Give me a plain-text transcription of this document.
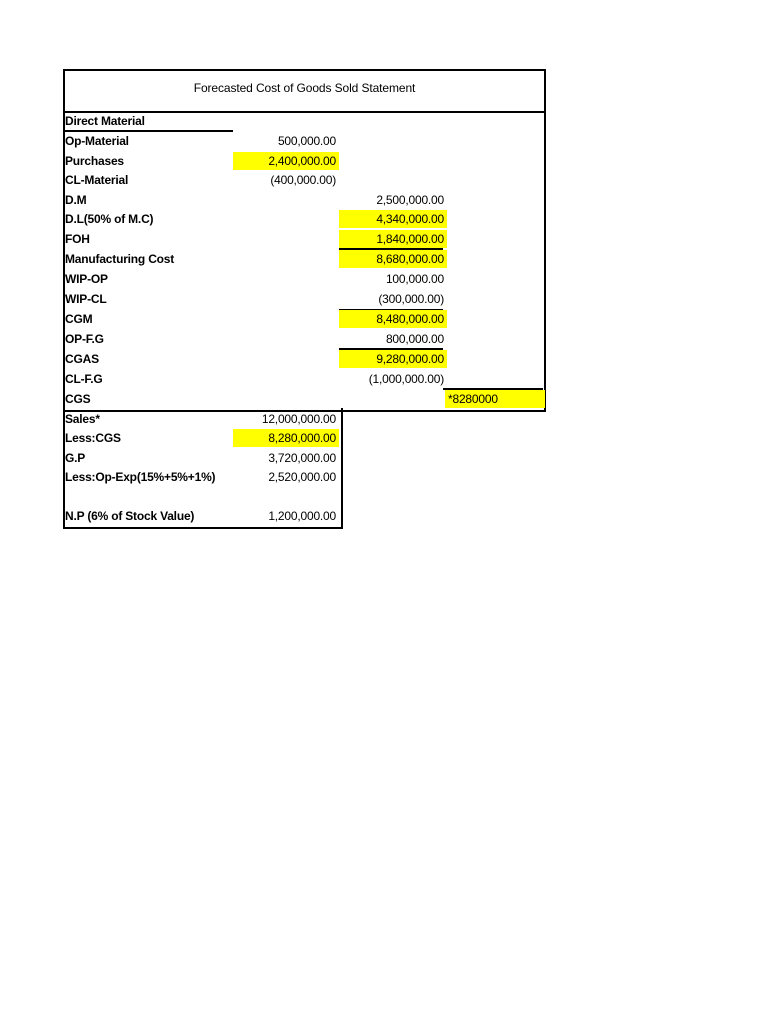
Forecasted Cost of Goods Sold Statement
Direct Material
Op-Material	500,000.00
Purchases	2,400,000.00
CL-Material	(400,000.00)
D.M	2,500,000.00
D.L(50% of M.C)	4,340,000.00
FOH	1,840,000.00
Manufacturing Cost	8,680,000.00
WIP-OP	100,000.00
WIP-CL	(300,000.00)
CGM	8,480,000.00
OP-F.G	800,000.00
CGAS	9,280,000.00
CL-F.G	(1,000,000.00)
CGS	*8280000
Sales*	12,000,000.00
Less:CGS	8,280,000.00
G.P	3,720,000.00
Less:Op-Exp(15%+5%+1%)	2,520,000.00
N.P (6% of Stock Value)	1,200,000.00
